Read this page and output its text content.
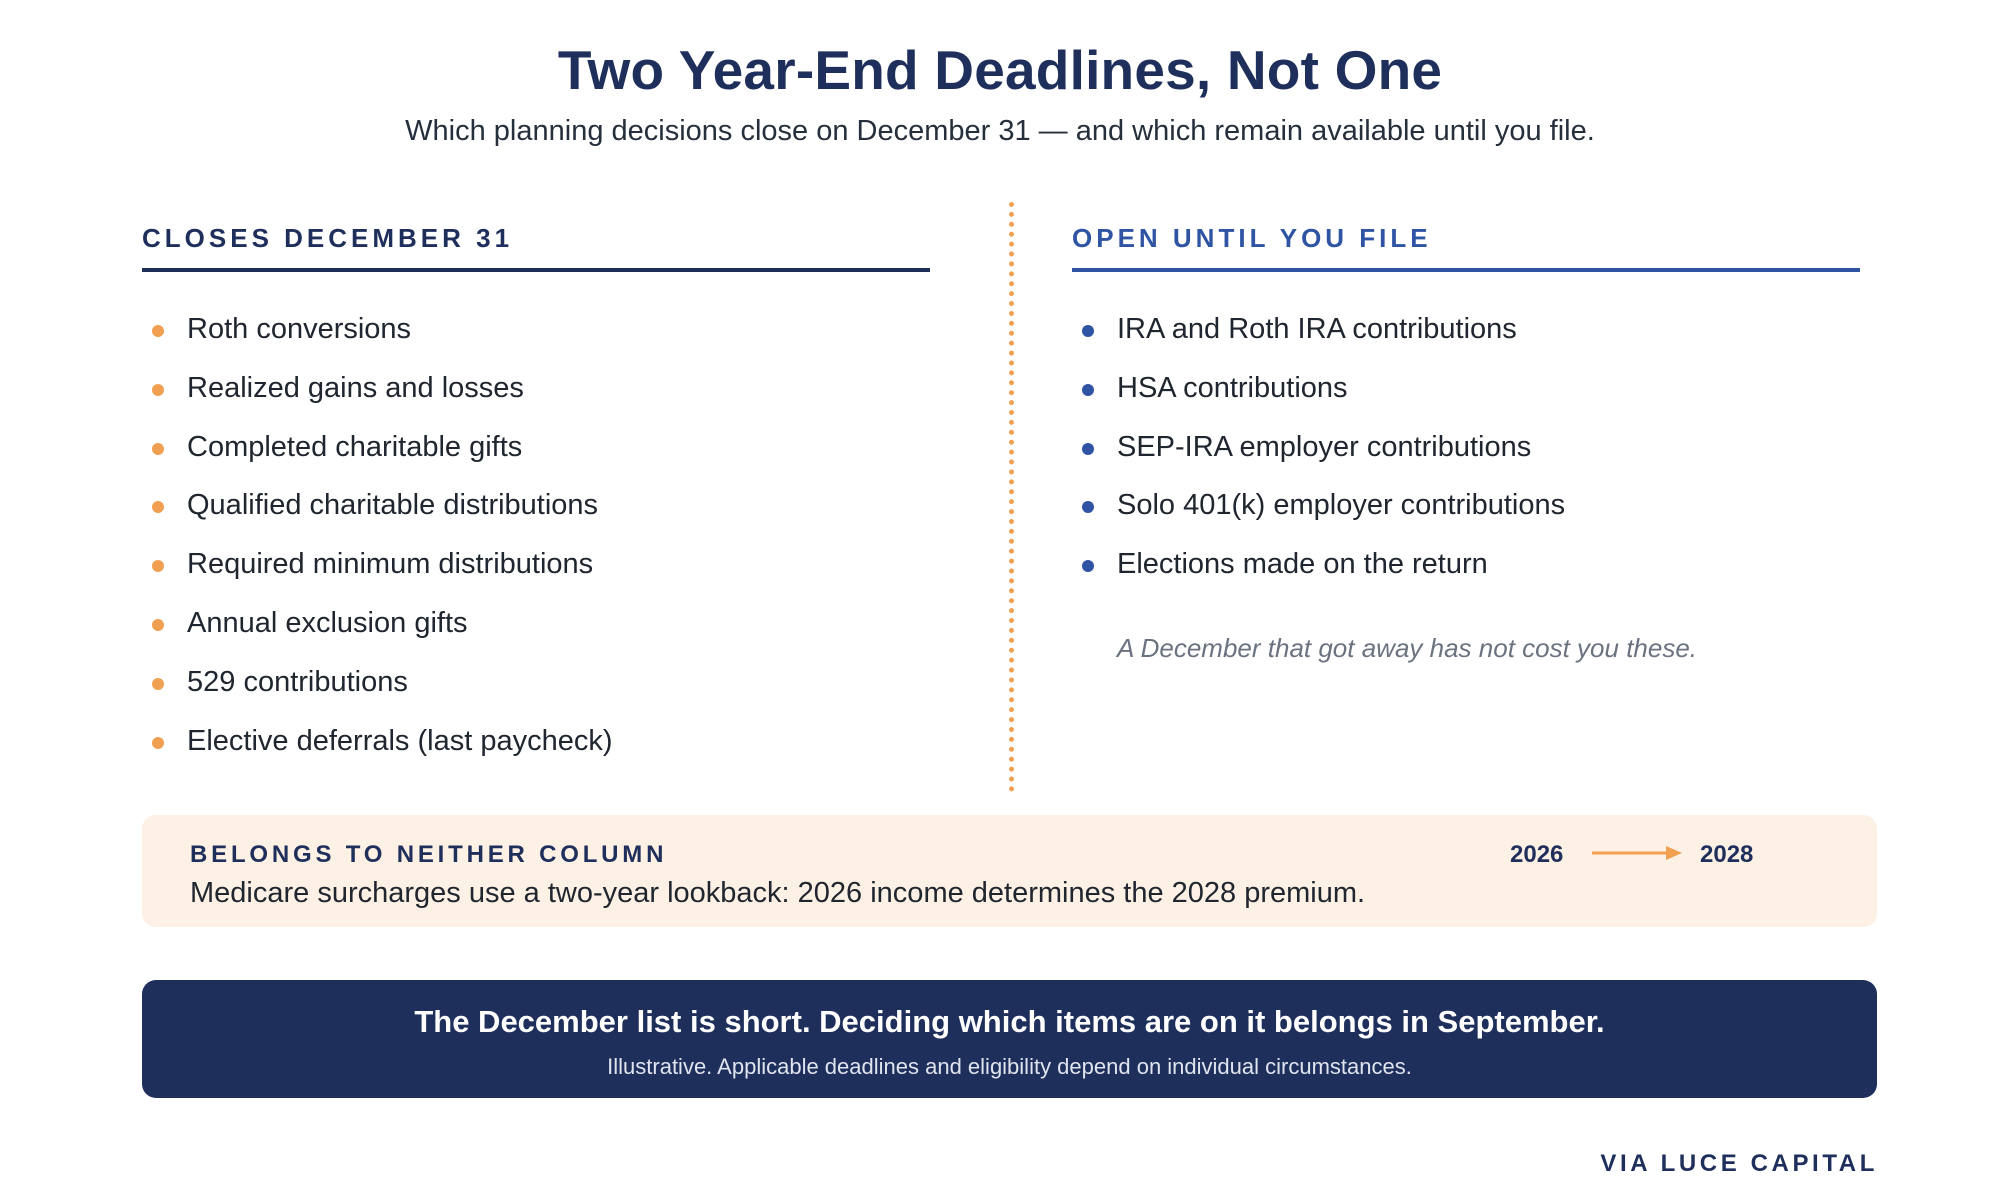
Two Year-End Deadlines, Not One
Which planning decisions close on December 31 — and which remain available until you file.
CLOSES DECEMBER 31
Roth conversions
Realized gains and losses
Completed charitable gifts
Qualified charitable distributions
Required minimum distributions
Annual exclusion gifts
529 contributions
Elective deferrals (last paycheck)
OPEN UNTIL YOU FILE
IRA and Roth IRA contributions
HSA contributions
SEP-IRA employer contributions
Solo 401(k) employer contributions
Elections made on the return
A December that got away has not cost you these.
BELONGS TO NEITHER COLUMN
Medicare surcharges use a two-year lookback: 2026 income determines the 2028 premium.
2026	2028
The December list is short. Deciding which items are on it belongs in September.
Illustrative. Applicable deadlines and eligibility depend on individual circumstances.
VIA LUCE CAPITAL
